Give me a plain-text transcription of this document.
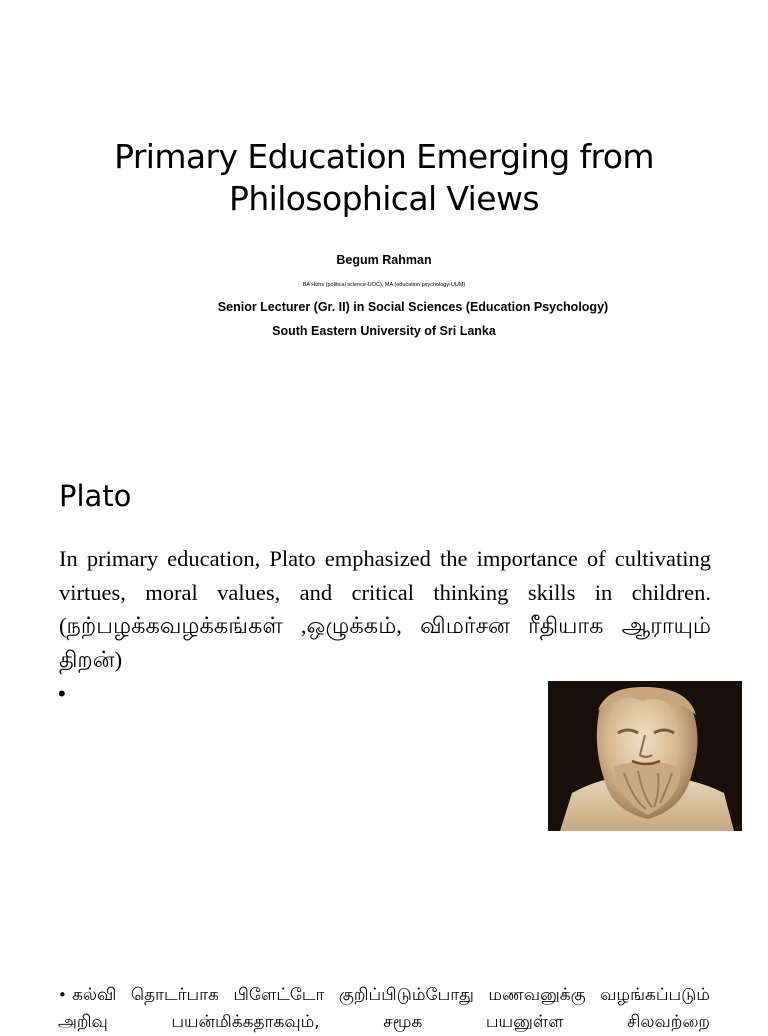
Primary Education Emerging from
Philosophical Views
Begum Rahman
BA Hons (political science-UOC), MA (education psychology-UUM)
Senior Lecturer (Gr. II) in Social Sciences (Education Psychology)
South Eastern University of Sri Lanka
Plato
In primary education, Plato emphasized the importance of cultivating virtues, moral values, and critical thinking skills in children. (நற்பழக்கவழக்கங்கள் ,ஒழுக்கம், விமர்சன ரீதியாக ஆராயும் திறன்)
•
• கல்வி தொடர்பாக பிளேட்டோ குறிப்பிடும்போது மணவனுக்கு வழங்கப்படும் அறிவு பயன்மிக்கதாகவும், சமூக பயனுள்ள சிலவற்றை
